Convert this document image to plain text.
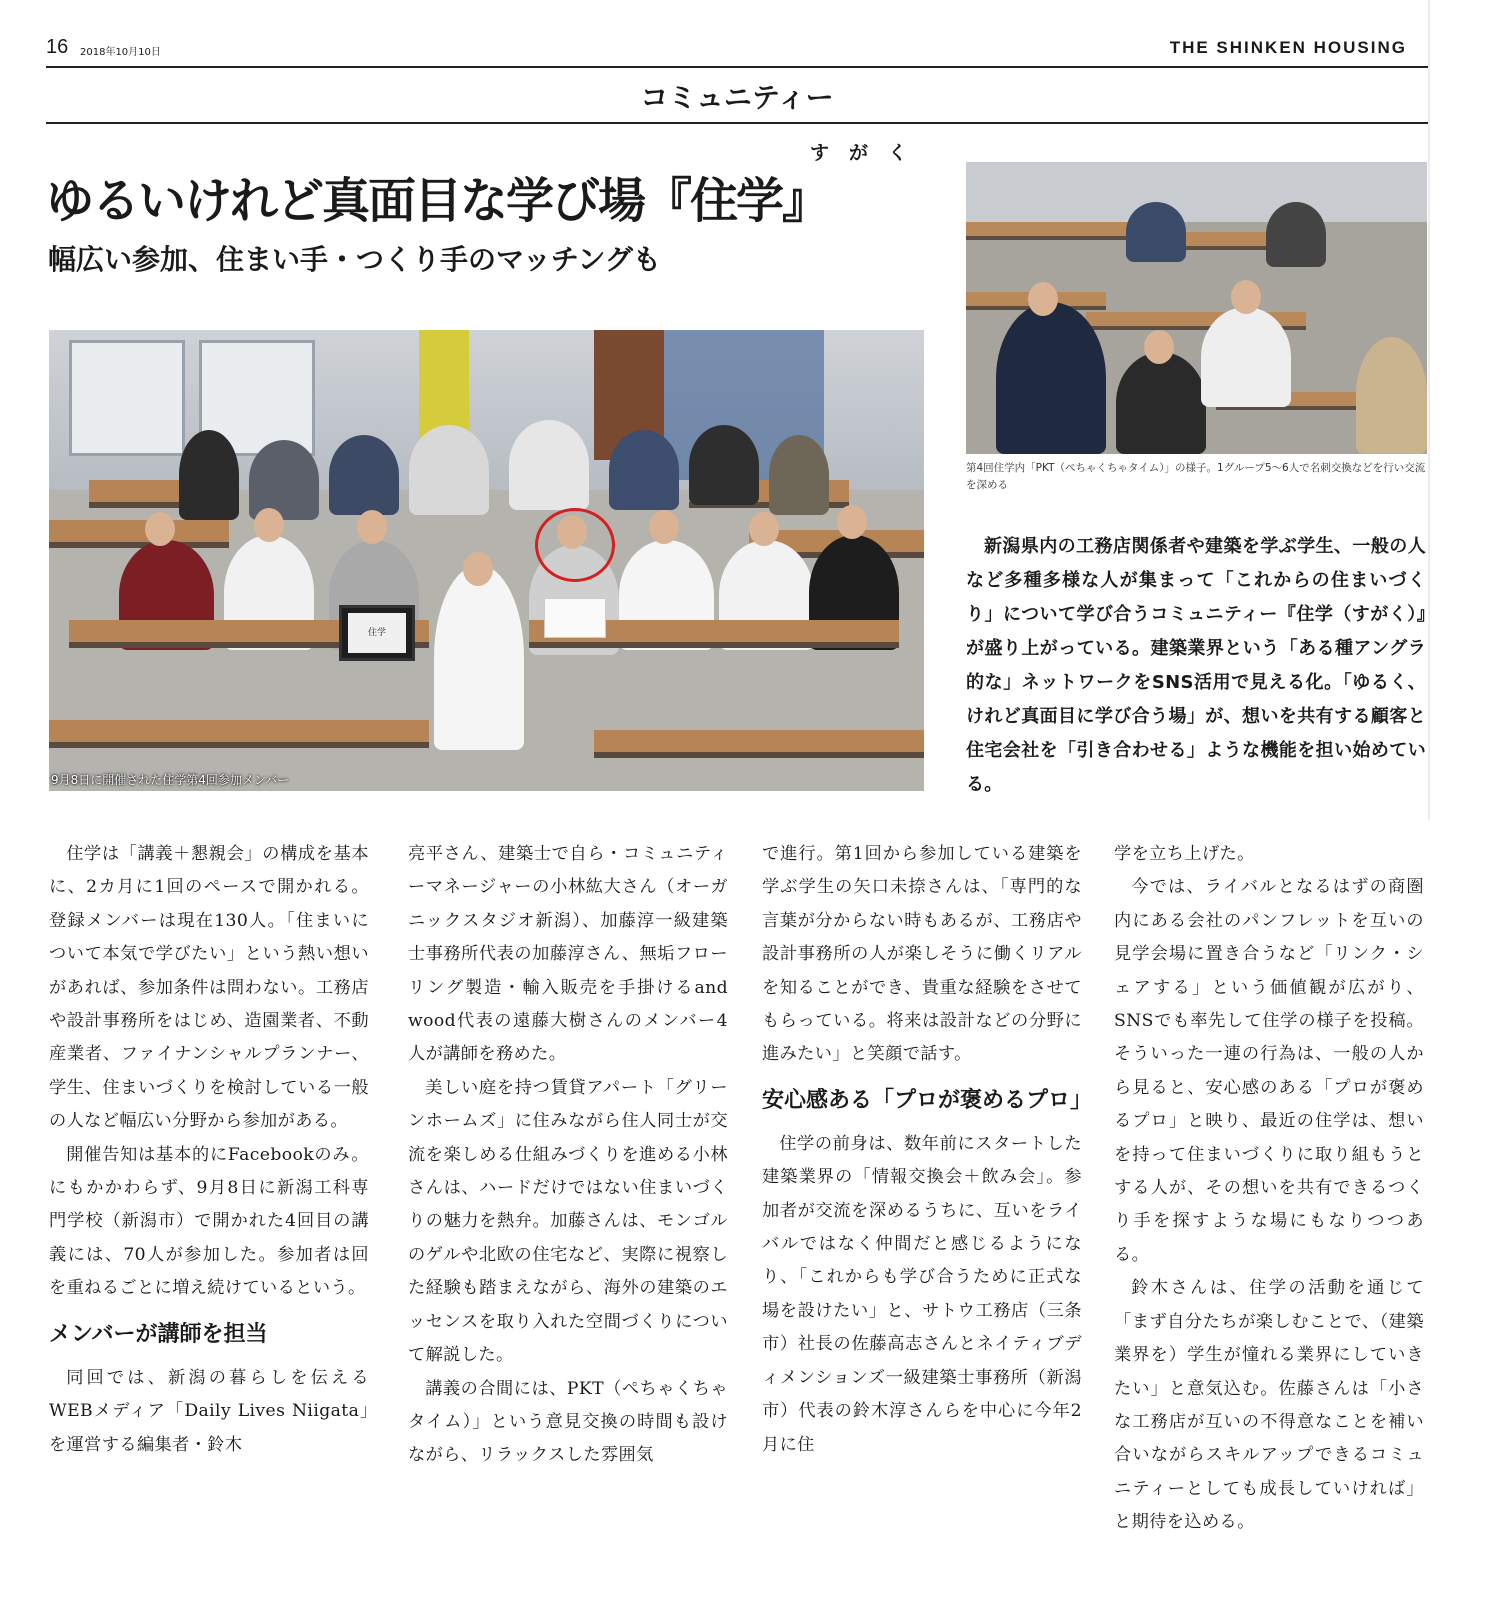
16 2018年10月10日	THE SHINKEN HOUSING
コミュニティー
すがく
ゆるいけれど真面目な学び場『住学』
幅広い参加、住まい手・つくり手のマッチングも
住学
9月8日に開催された住学第4回参加メンバー
第4回住学内「PKT（ぺちゃくちゃタイム）」の様子。1グループ5～6人で名刺交換などを行い交流を深める
新潟県内の工務店関係者や建築を学ぶ学生、一般の人など多種多様な人が集まって「これからの住まいづくり」について学び合うコミュニティー『住学（すがく）』が盛り上がっている。建築業界という「ある種アングラ的な」ネットワークをSNS活用で見える化。「ゆるく、けれど真面目に学び合う場」が、想いを共有する顧客と住宅会社を「引き合わせる」ような機能を担い始めている。

住学は「講義＋懇親会」の構成を基本に、2カ月に1回のペースで開かれる。登録メンバーは現在130人。「住まいについて本気で学びたい」という熱い想いがあれば、参加条件は問わない。工務店や設計事務所をはじめ、造園業者、不動産業者、ファイナンシャルプランナー、学生、住まいづくりを検討している一般の人など幅広い分野から参加がある。

開催告知は基本的にFacebookのみ。にもかかわらず、9月8日に新潟工科専門学校（新潟市）で開かれた4回目の講義には、70人が参加した。参加者は回を重ねるごとに増え続けているという。

メンバーが講師を担当

同回では、新潟の暮らしを伝えるWEBメディア「Daily Lives Niigata」を運営する編集者・鈴木

亮平さん、建築士で自ら・コミュニティーマネージャーの小林紘大さん（オーガニックスタジオ新潟）、加藤淳一級建築士事務所代表の加藤淳さん、無垢フローリング製造・輸入販売を手掛けるand wood代表の遠藤大樹さんのメンバー4人が講師を務めた。

美しい庭を持つ賃貸アパート「グリーンホームズ」に住みながら住人同士が交流を楽しめる仕組みづくりを進める小林さんは、ハードだけではない住まいづくりの魅力を熱弁。加藤さんは、モンゴルのゲルや北欧の住宅など、実際に視察した経験も踏まえながら、海外の建築のエッセンスを取り入れた空間づくりについて解説した。

講義の合間には、PKT（ぺちゃくちゃタイム）」という意見交換の時間も設けながら、リラックスした雰囲気

で進行。第1回から参加している建築を学ぶ学生の矢口未捺さんは、「専門的な言葉が分からない時もあるが、工務店や設計事務所の人が楽しそうに働くリアルを知ることができ、貴重な経験をさせてもらっている。将来は設計などの分野に進みたい」と笑顔で話す。

安心感ある「プロが褒めるプロ」

住学の前身は、数年前にスタートした建築業界の「情報交換会＋飲み会」。参加者が交流を深めるうちに、互いをライバルではなく仲間だと感じるようになり、「これからも学び合うために正式な場を設けたい」と、サトウ工務店（三条市）社長の佐藤高志さんとネイティブディメンションズ一級建築士事務所（新潟市）代表の鈴木淳さんらを中心に今年2月に住

学を立ち上げた。

今では、ライバルとなるはずの商圏内にある会社のパンフレットを互いの見学会場に置き合うなど「リンク・シェアする」という価値観が広がり、SNSでも率先して住学の様子を投稿。そういった一連の行為は、一般の人から見ると、安心感のある「プロが褒めるプロ」と映り、最近の住学は、想いを持って住まいづくりに取り組もうとする人が、その想いを共有できるつくり手を探すような場にもなりつつある。

鈴木さんは、住学の活動を通じて「まず自分たちが楽しむことで、（建築業界を）学生が憧れる業界にしていきたい」と意気込む。佐藤さんは「小さな工務店が互いの不得意なことを補い合いながらスキルアップできるコミュニティーとしても成長していければ」と期待を込める。
